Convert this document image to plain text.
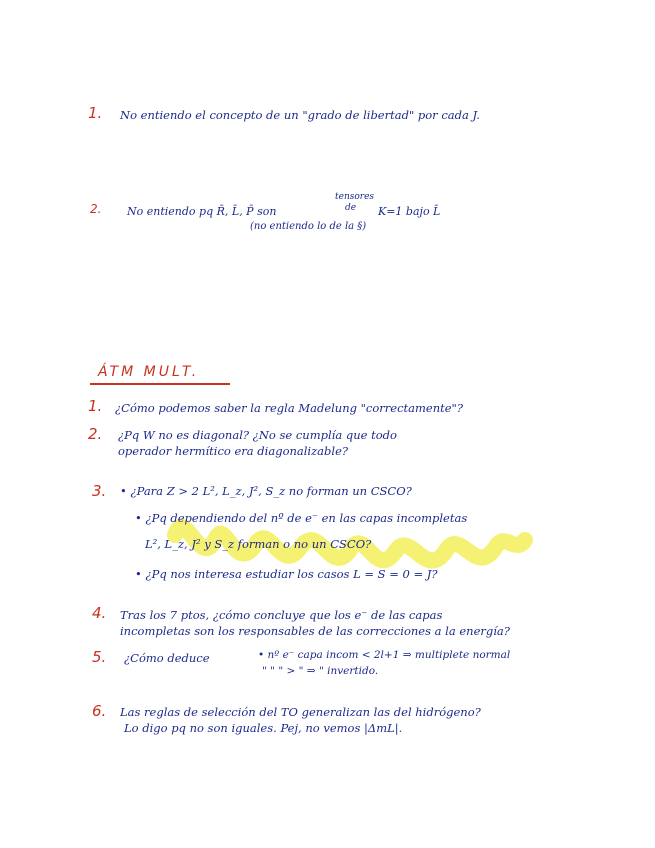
1. No entiendo el concepto de un "grado de libertad" por cada J.
2. No entiendo pq R̄, L̄, P̄ son
tensores
de K=1 bajo L̄
(no entiendo lo de la §)
ÁTM MULT.
1. ¿Cómo podemos saber la regla Madelung "correctamente"?
2. ¿Pq W no es diagonal? ¿No se cumplía que todo
operador hermítico era diagonalizable?
3. • ¿Para Z > 2 L², L_z, J², S_z no forman un CSCO?
• ¿Pq dependiendo del nº de e⁻ en las capas incompletas
L², L_z, J² y S_z forman o no un CSCO?
• ¿Pq nos interesa estudiar los casos L = S = 0 = J?
4. Tras los 7 ptos, ¿cómo concluye que los e⁻ de las capas
incompletas son los responsables de las correcciones a la energía?
5. ¿Cómo deduce	• nº e⁻ capa incom < 2l+1 ⇒ multiplete normal
" " " > " ⇒ " invertido.
6. Las reglas de selección del TO generalizan las del hidrógeno?
Lo digo pq no son iguales. Pej, no vemos |ΔmL|.
